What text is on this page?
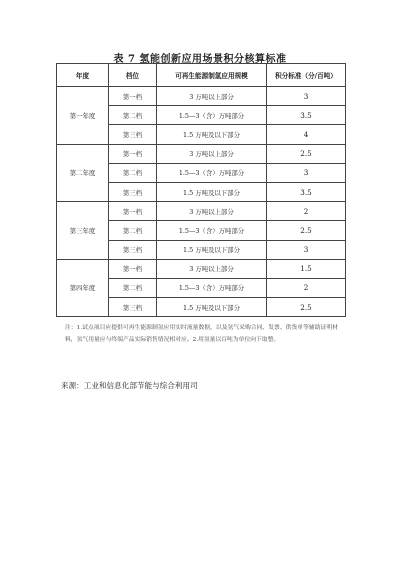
表 7 氢能创新应用场景积分核算标准
年度	档位	可再生能源制氢应用规模	积分标准（分/百吨）
第一年度	第一档	3 万吨以上部分	3
	第二档	1.5—3（含）万吨部分	3.5
	第三档	1.5 万吨及以下部分	4
第二年度	第一档	3 万吨以上部分	2.5
	第二档	1.5—3（含）万吨部分	3
	第三档	1.5 万吨及以下部分	3.5
第三年度	第一档	3 万吨以上部分	2
	第二档	1.5—3（含）万吨部分	2.5
	第三档	1.5 万吨及以下部分	3
第四年度	第一档	3 万吨以上部分	1.5
	第二档	1.5—3（含）万吨部分	2
	第三档	1.5 万吨及以下部分	2.5
注：1.试点项目应提供可再生能源制氢应用实时流量数据，以及氢气采购合同、发票、供货单等辅助证明材料，氢气用量应与终端产品实际销售情况相对应。2.用氢量以百吨为单位向下取整。
来源：工业和信息化部节能与综合利用司
